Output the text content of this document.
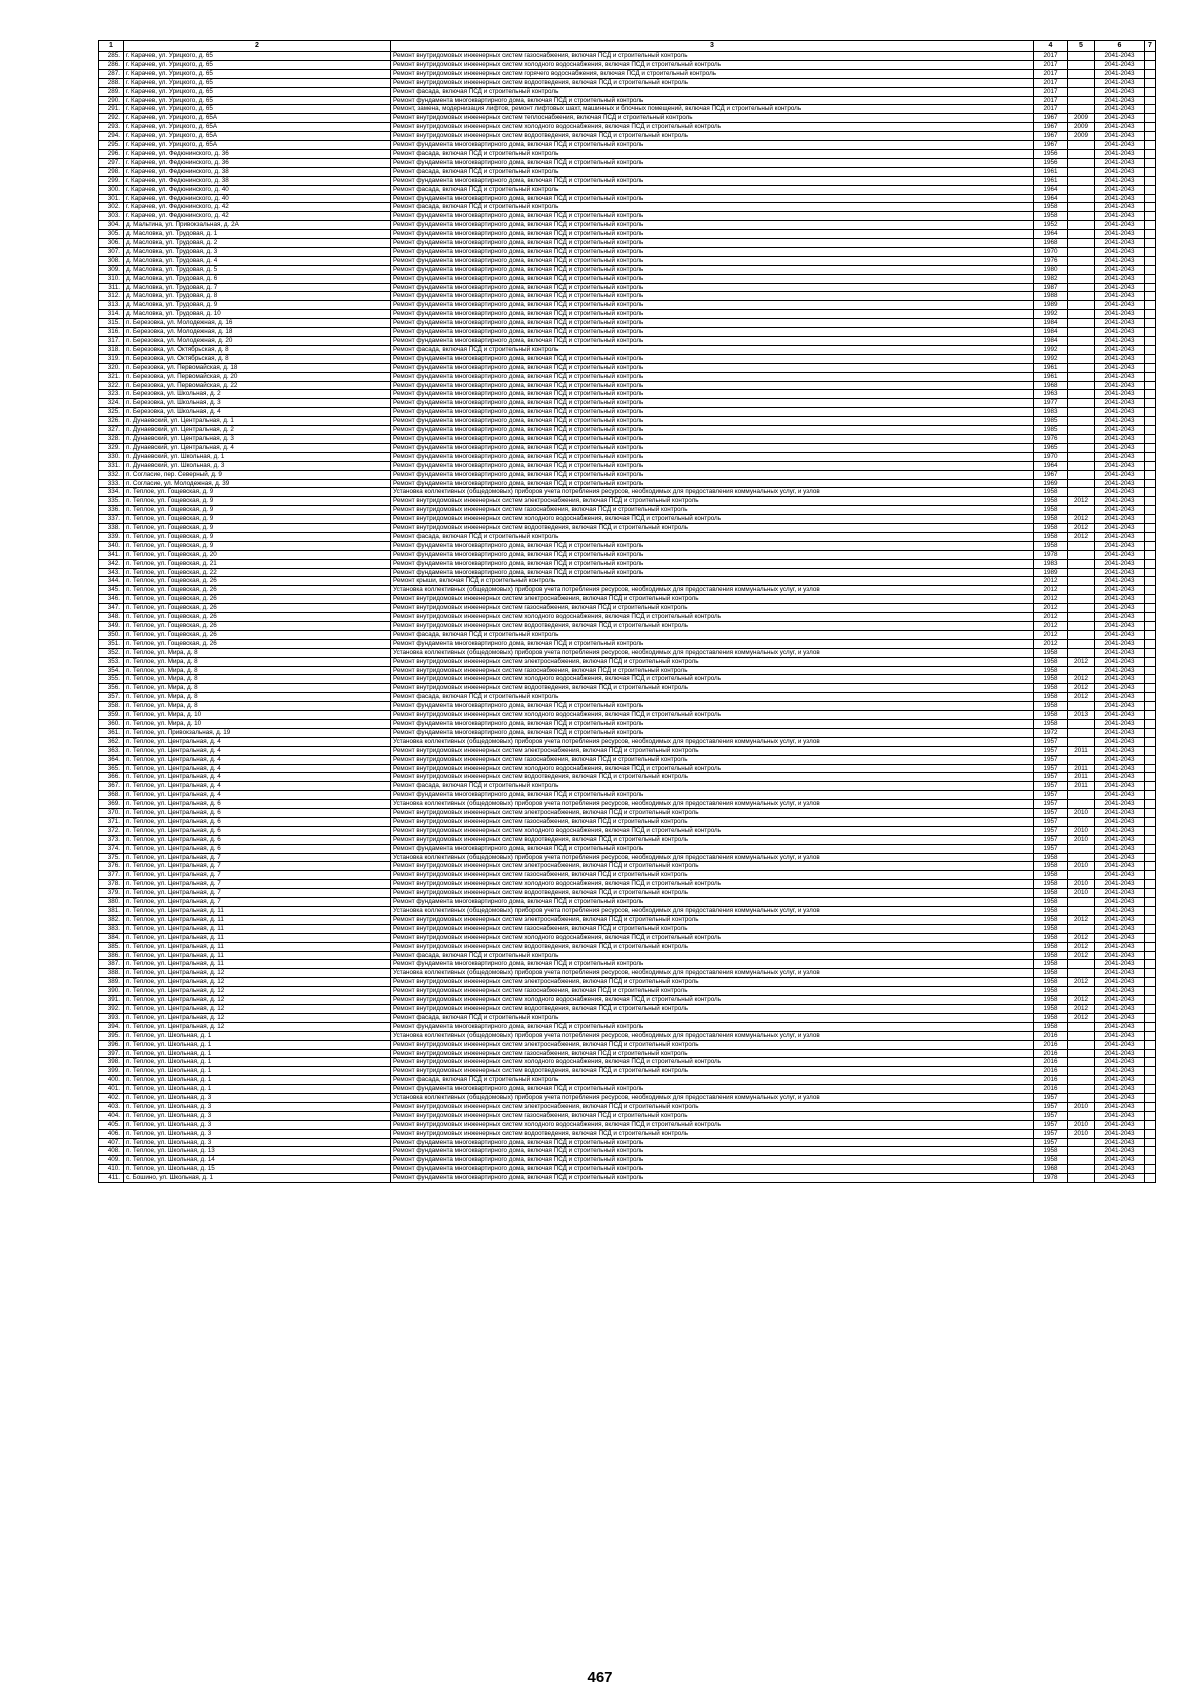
1	2	3	4	5	6	7
285.	г. Карачев, ул. Урицкого, д. 65	Ремонт внутридомовых инженерных систем газоснабжения, включая ПСД и строительный контроль	2017		2041-2043	
286.	г. Карачев, ул. Урицкого, д. 65	Ремонт внутридомовых инженерных систем холодного водоснабжения, включая ПСД и строительный контроль	2017		2041-2043	
287.	г. Карачев, ул. Урицкого, д. 65	Ремонт внутридомовых инженерных систем горячего водоснабжения, включая ПСД и строительный контроль	2017		2041-2043	
288.	г. Карачев, ул. Урицкого, д. 65	Ремонт внутридомовых инженерных систем водоотведения, включая ПСД и строительный контроль	2017		2041-2043	
289.	г. Карачев, ул. Урицкого, д. 65	Ремонт фасада, включая ПСД и строительный контроль	2017		2041-2043	
290.	г. Карачев, ул. Урицкого, д. 65	Ремонт фундамента многоквартирного дома, включая ПСД и строительный контроль	2017		2041-2043	
291.	г. Карачев, ул. Урицкого, д. 65	Ремонт, замена, модернизация лифтов, ремонт лифтовых шахт, машинных и блочных помещений, включая ПСД и строительный контроль	2017		2041-2043	
292.	г. Карачев, ул. Урицкого, д. 65А	Ремонт внутридомовых инженерных систем теплоснабжения, включая ПСД и строительный контроль	1967	2009	2041-2043	
293.	г. Карачев, ул. Урицкого, д. 65А	Ремонт внутридомовых инженерных систем холодного водоснабжения, включая ПСД и строительный контроль	1967	2009	2041-2043	
294.	г. Карачев, ул. Урицкого, д. 65А	Ремонт внутридомовых инженерных систем водоотведения, включая ПСД и строительный контроль	1967	2009	2041-2043	
295.	г. Карачев, ул. Урицкого, д. 65А	Ремонт фундамента многоквартирного дома, включая ПСД и строительный контроль	1967		2041-2043	
296.	г. Карачев, ул. Федюнинского, д. 36	Ремонт фасада, включая ПСД и строительный контроль	1956		2041-2043	
297.	г. Карачев, ул. Федюнинского, д. 36	Ремонт фундамента многоквартирного дома, включая ПСД и строительный контроль	1956		2041-2043	
298.	г. Карачев, ул. Федюнинского, д. 38	Ремонт фасада, включая ПСД и строительный контроль	1961		2041-2043	
299.	г. Карачев, ул. Федюнинского, д. 38	Ремонт фундамента многоквартирного дома, включая ПСД и строительный контроль	1961		2041-2043	
300.	г. Карачев, ул. Федюнинского, д. 40	Ремонт фасада, включая ПСД и строительный контроль	1964		2041-2043	
301.	г. Карачев, ул. Федюнинского, д. 40	Ремонт фундамента многоквартирного дома, включая ПСД и строительный контроль	1964		2041-2043	
302.	г. Карачев, ул. Федюнинского, д. 42	Ремонт фасада, включая ПСД и строительный контроль	1958		2041-2043	
303.	г. Карачев, ул. Федюнинского, д. 42	Ремонт фундамента многоквартирного дома, включая ПСД и строительный контроль	1958		2041-2043	
304.	д. Мальтина, ул. Привокзальная, д. 2А	Ремонт фундамента многоквартирного дома, включая ПСД и строительный контроль	1952		2041-2043	
305.	д. Масловка, ул. Трудовая, д. 1	Ремонт фундамента многоквартирного дома, включая ПСД и строительный контроль	1964		2041-2043	
306.	д. Масловка, ул. Трудовая, д. 2	Ремонт фундамента многоквартирного дома, включая ПСД и строительный контроль	1968		2041-2043	
307.	д. Масловка, ул. Трудовая, д. 3	Ремонт фундамента многоквартирного дома, включая ПСД и строительный контроль	1970		2041-2043	
308.	д. Масловка, ул. Трудовая, д. 4	Ремонт фундамента многоквартирного дома, включая ПСД и строительный контроль	1976		2041-2043	
309.	д. Масловка, ул. Трудовая, д. 5	Ремонт фундамента многоквартирного дома, включая ПСД и строительный контроль	1980		2041-2043	
310.	д. Масловка, ул. Трудовая, д. 6	Ремонт фундамента многоквартирного дома, включая ПСД и строительный контроль	1982		2041-2043	
311.	д. Масловка, ул. Трудовая, д. 7	Ремонт фундамента многоквартирного дома, включая ПСД и строительный контроль	1987		2041-2043	
312.	д. Масловка, ул. Трудовая, д. 8	Ремонт фундамента многоквартирного дома, включая ПСД и строительный контроль	1988		2041-2043	
313.	д. Масловка, ул. Трудовая, д. 9	Ремонт фундамента многоквартирного дома, включая ПСД и строительный контроль	1989		2041-2043	
314.	д. Масловка, ул. Трудовая, д. 10	Ремонт фундамента многоквартирного дома, включая ПСД и строительный контроль	1992		2041-2043	
315.	п. Березовка, ул. Молодежная, д. 16	Ремонт фундамента многоквартирного дома, включая ПСД и строительный контроль	1984		2041-2043	
316.	п. Березовка, ул. Молодежная, д. 18	Ремонт фундамента многоквартирного дома, включая ПСД и строительный контроль	1984		2041-2043	
317.	п. Березовка, ул. Молодежная, д. 20	Ремонт фундамента многоквартирного дома, включая ПСД и строительный контроль	1984		2041-2043	
318.	п. Березовка, ул. Октябрьская, д. 8	Ремонт фасада, включая ПСД и строительный контроль	1992		2041-2043	
319.	п. Березовка, ул. Октябрьская, д. 8	Ремонт фундамента многоквартирного дома, включая ПСД и строительный контроль	1992		2041-2043	
320.	п. Березовка, ул. Первомайская, д. 18	Ремонт фундамента многоквартирного дома, включая ПСД и строительный контроль	1961		2041-2043	
321.	п. Березовка, ул. Первомайская, д. 20	Ремонт фундамента многоквартирного дома, включая ПСД и строительный контроль	1961		2041-2043	
322.	п. Березовка, ул. Первомайская, д. 22	Ремонт фундамента многоквартирного дома, включая ПСД и строительный контроль	1968		2041-2043	
323.	п. Березовка, ул. Школьная, д. 2	Ремонт фундамента многоквартирного дома, включая ПСД и строительный контроль	1963		2041-2043	
324.	п. Березовка, ул. Школьная, д. 3	Ремонт фундамента многоквартирного дома, включая ПСД и строительный контроль	1977		2041-2043	
325.	п. Березовка, ул. Школьная, д. 4	Ремонт фундамента многоквартирного дома, включая ПСД и строительный контроль	1983		2041-2043	
326.	п. Дунаевский, ул. Центральная, д. 1	Ремонт фундамента многоквартирного дома, включая ПСД и строительный контроль	1985		2041-2043	
327.	п. Дунаевский, ул. Центральная, д. 2	Ремонт фундамента многоквартирного дома, включая ПСД и строительный контроль	1985		2041-2043	
328.	п. Дунаевский, ул. Центральная, д. 3	Ремонт фундамента многоквартирного дома, включая ПСД и строительный контроль	1976		2041-2043	
329.	п. Дунаевский, ул. Центральная, д. 4	Ремонт фундамента многоквартирного дома, включая ПСД и строительный контроль	1965		2041-2043	
330.	п. Дунаевский, ул. Школьная, д. 1	Ремонт фундамента многоквартирного дома, включая ПСД и строительный контроль	1970		2041-2043	
331.	п. Дунаевский, ул. Школьная, д. 3	Ремонт фундамента многоквартирного дома, включая ПСД и строительный контроль	1964		2041-2043	
332.	п. Согласие, пер. Северный, д. 9	Ремонт фундамента многоквартирного дома, включая ПСД и строительный контроль	1967		2041-2043	
333.	п. Согласие, ул. Молодежная, д. 39	Ремонт фундамента многоквартирного дома, включая ПСД и строительный контроль	1969		2041-2043	
334.	п. Теплое, ул. Гощевская, д. 9	Установка коллективных (общедомовых) приборов учета потребления ресурсов, необходимых для предоставления коммунальных услуг, и узлов	1958		2041-2043	
335.	п. Теплое, ул. Гощевская, д. 9	Ремонт внутридомовых инженерных систем электроснабжения, включая ПСД и строительный контроль	1958	2012	2041-2043	
336.	п. Теплое, ул. Гощевская, д. 9	Ремонт внутридомовых инженерных систем газоснабжения, включая ПСД и строительный контроль	1958		2041-2043	
337.	п. Теплое, ул. Гощевская, д. 9	Ремонт внутридомовых инженерных систем холодного водоснабжения, включая ПСД и строительный контроль	1958	2012	2041-2043	
338.	п. Теплое, ул. Гощевская, д. 9	Ремонт внутридомовых инженерных систем водоотведения, включая ПСД и строительный контроль	1958	2012	2041-2043	
339.	п. Теплое, ул. Гощевская, д. 9	Ремонт фасада, включая ПСД и строительный контроль	1958	2012	2041-2043	
340.	п. Теплое, ул. Гощевская, д. 9	Ремонт фундамента многоквартирного дома, включая ПСД и строительный контроль	1958		2041-2043	
341.	п. Теплое, ул. Гощевская, д. 20	Ремонт фундамента многоквартирного дома, включая ПСД и строительный контроль	1978		2041-2043	
342.	п. Теплое, ул. Гощевская, д. 21	Ремонт фундамента многоквартирного дома, включая ПСД и строительный контроль	1983		2041-2043	
343.	п. Теплое, ул. Гощевская, д. 22	Ремонт фундамента многоквартирного дома, включая ПСД и строительный контроль	1989		2041-2043	
344.	п. Теплое, ул. Гощевская, д. 26	Ремонт крыши, включая ПСД и строительный контроль	2012		2041-2043	
345.	п. Теплое, ул. Гощевская, д. 26	Установка коллективных (общедомовых) приборов учета потребления ресурсов, необходимых для предоставления коммунальных услуг, и узлов	2012		2041-2043	
346.	п. Теплое, ул. Гощевская, д. 26	Ремонт внутридомовых инженерных систем электроснабжения, включая ПСД и строительный контроль	2012		2041-2043	
347.	п. Теплое, ул. Гощевская, д. 26	Ремонт внутридомовых инженерных систем газоснабжения, включая ПСД и строительный контроль	2012		2041-2043	
348.	п. Теплое, ул. Гощевская, д. 26	Ремонт внутридомовых инженерных систем холодного водоснабжения, включая ПСД и строительный контроль	2012		2041-2043	
349.	п. Теплое, ул. Гощевская, д. 26	Ремонт внутридомовых инженерных систем водоотведения, включая ПСД и строительный контроль	2012		2041-2043	
350.	п. Теплое, ул. Гощевская, д. 26	Ремонт фасада, включая ПСД и строительный контроль	2012		2041-2043	
351.	п. Теплое, ул. Гощевская, д. 26	Ремонт фундамента многоквартирного дома, включая ПСД и строительный контроль	2012		2041-2043	
352.	п. Теплое, ул. Мира, д. 8	Установка коллективных (общедомовых) приборов учета потребления ресурсов, необходимых для предоставления коммунальных услуг, и узлов	1958		2041-2043	
353.	п. Теплое, ул. Мира, д. 8	Ремонт внутридомовых инженерных систем электроснабжения, включая ПСД и строительный контроль	1958	2012	2041-2043	
354.	п. Теплое, ул. Мира, д. 8	Ремонт внутридомовых инженерных систем газоснабжения, включая ПСД и строительный контроль	1958		2041-2043	
355.	п. Теплое, ул. Мира, д. 8	Ремонт внутридомовых инженерных систем холодного водоснабжения, включая ПСД и строительный контроль	1958	2012	2041-2043	
356.	п. Теплое, ул. Мира, д. 8	Ремонт внутридомовых инженерных систем водоотведения, включая ПСД и строительный контроль	1958	2012	2041-2043	
357.	п. Теплое, ул. Мира, д. 8	Ремонт фасада, включая ПСД и строительный контроль	1958	2012	2041-2043	
358.	п. Теплое, ул. Мира, д. 8	Ремонт фундамента многоквартирного дома, включая ПСД и строительный контроль	1958		2041-2043	
359.	п. Теплое, ул. Мира, д. 10	Ремонт внутридомовых инженерных систем холодного водоснабжения, включая ПСД и строительный контроль	1958	2013	2041-2043	
360.	п. Теплое, ул. Мира, д. 10	Ремонт фундамента многоквартирного дома, включая ПСД и строительный контроль	1958		2041-2043	
361.	п. Теплое, ул. Привокзальная, д. 19	Ремонт фундамента многоквартирного дома, включая ПСД и строительный контроль	1972		2041-2043	
362.	п. Теплое, ул. Центральная, д. 4	Установка коллективных (общедомовых) приборов учета потребления ресурсов, необходимых для предоставления коммунальных услуг, и узлов	1957		2041-2043	
363.	п. Теплое, ул. Центральная, д. 4	Ремонт внутридомовых инженерных систем электроснабжения, включая ПСД и строительный контроль	1957	2011	2041-2043	
364.	п. Теплое, ул. Центральная, д. 4	Ремонт внутридомовых инженерных систем газоснабжения, включая ПСД и строительный контроль	1957		2041-2043	
365.	п. Теплое, ул. Центральная, д. 4	Ремонт внутридомовых инженерных систем холодного водоснабжения, включая ПСД и строительный контроль	1957	2011	2041-2043	
366.	п. Теплое, ул. Центральная, д. 4	Ремонт внутридомовых инженерных систем водоотведения, включая ПСД и строительный контроль	1957	2011	2041-2043	
367.	п. Теплое, ул. Центральная, д. 4	Ремонт фасада, включая ПСД и строительный контроль	1957	2011	2041-2043	
368.	п. Теплое, ул. Центральная, д. 4	Ремонт фундамента многоквартирного дома, включая ПСД и строительный контроль	1957		2041-2043	
369.	п. Теплое, ул. Центральная, д. 6	Установка коллективных (общедомовых) приборов учета потребления ресурсов, необходимых для предоставления коммунальных услуг, и узлов	1957		2041-2043	
370.	п. Теплое, ул. Центральная, д. 6	Ремонт внутридомовых инженерных систем электроснабжения, включая ПСД и строительный контроль	1957	2010	2041-2043	
371.	п. Теплое, ул. Центральная, д. 6	Ремонт внутридомовых инженерных систем газоснабжения, включая ПСД и строительный контроль	1957		2041-2043	
372.	п. Теплое, ул. Центральная, д. 6	Ремонт внутридомовых инженерных систем холодного водоснабжения, включая ПСД и строительный контроль	1957	2010	2041-2043	
373.	п. Теплое, ул. Центральная, д. 6	Ремонт внутридомовых инженерных систем водоотведения, включая ПСД и строительный контроль	1957	2010	2041-2043	
374.	п. Теплое, ул. Центральная, д. 6	Ремонт фундамента многоквартирного дома, включая ПСД и строительный контроль	1957		2041-2043	
375.	п. Теплое, ул. Центральная, д. 7	Установка коллективных (общедомовых) приборов учета потребления ресурсов, необходимых для предоставления коммунальных услуг, и узлов	1958		2041-2043	
376.	п. Теплое, ул. Центральная, д. 7	Ремонт внутридомовых инженерных систем электроснабжения, включая ПСД и строительный контроль	1958	2010	2041-2043	
377.	п. Теплое, ул. Центральная, д. 7	Ремонт внутридомовых инженерных систем газоснабжения, включая ПСД и строительный контроль	1958		2041-2043	
378.	п. Теплое, ул. Центральная, д. 7	Ремонт внутридомовых инженерных систем холодного водоснабжения, включая ПСД и строительный контроль	1958	2010	2041-2043	
379.	п. Теплое, ул. Центральная, д. 7	Ремонт внутридомовых инженерных систем водоотведения, включая ПСД и строительный контроль	1958	2010	2041-2043	
380.	п. Теплое, ул. Центральная, д. 7	Ремонт фундамента многоквартирного дома, включая ПСД и строительный контроль	1958		2041-2043	
381.	п. Теплое, ул. Центральная, д. 11	Установка коллективных (общедомовых) приборов учета потребления ресурсов, необходимых для предоставления коммунальных услуг, и узлов	1958		2041-2043	
382.	п. Теплое, ул. Центральная, д. 11	Ремонт внутридомовых инженерных систем электроснабжения, включая ПСД и строительный контроль	1958	2012	2041-2043	
383.	п. Теплое, ул. Центральная, д. 11	Ремонт внутридомовых инженерных систем газоснабжения, включая ПСД и строительный контроль	1958		2041-2043	
384.	п. Теплое, ул. Центральная, д. 11	Ремонт внутридомовых инженерных систем холодного водоснабжения, включая ПСД и строительный контроль	1958	2012	2041-2043	
385.	п. Теплое, ул. Центральная, д. 11	Ремонт внутридомовых инженерных систем водоотведения, включая ПСД и строительный контроль	1958	2012	2041-2043	
386.	п. Теплое, ул. Центральная, д. 11	Ремонт фасада, включая ПСД и строительный контроль	1958	2012	2041-2043	
387.	п. Теплое, ул. Центральная, д. 11	Ремонт фундамента многоквартирного дома, включая ПСД и строительный контроль	1958		2041-2043	
388.	п. Теплое, ул. Центральная, д. 12	Установка коллективных (общедомовых) приборов учета потребления ресурсов, необходимых для предоставления коммунальных услуг, и узлов	1958		2041-2043	
389.	п. Теплое, ул. Центральная, д. 12	Ремонт внутридомовых инженерных систем электроснабжения, включая ПСД и строительный контроль	1958	2012	2041-2043	
390.	п. Теплое, ул. Центральная, д. 12	Ремонт внутридомовых инженерных систем газоснабжения, включая ПСД и строительный контроль	1958		2041-2043	
391.	п. Теплое, ул. Центральная, д. 12	Ремонт внутридомовых инженерных систем холодного водоснабжения, включая ПСД и строительный контроль	1958	2012	2041-2043	
392.	п. Теплое, ул. Центральная, д. 12	Ремонт внутридомовых инженерных систем водоотведения, включая ПСД и строительный контроль	1958	2012	2041-2043	
393.	п. Теплое, ул. Центральная, д. 12	Ремонт фасада, включая ПСД и строительный контроль	1958	2012	2041-2043	
394.	п. Теплое, ул. Центральная, д. 12	Ремонт фундамента многоквартирного дома, включая ПСД и строительный контроль	1958		2041-2043	
395.	п. Теплое, ул. Школьная, д. 1	Установка коллективных (общедомовых) приборов учета потребления ресурсов, необходимых для предоставления коммунальных услуг, и узлов	2016		2041-2043	
396.	п. Теплое, ул. Школьная, д. 1	Ремонт внутридомовых инженерных систем электроснабжения, включая ПСД и строительный контроль	2016		2041-2043	
397.	п. Теплое, ул. Школьная, д. 1	Ремонт внутридомовых инженерных систем газоснабжения, включая ПСД и строительный контроль	2016		2041-2043	
398.	п. Теплое, ул. Школьная, д. 1	Ремонт внутридомовых инженерных систем холодного водоснабжения, включая ПСД и строительный контроль	2016		2041-2043	
399.	п. Теплое, ул. Школьная, д. 1	Ремонт внутридомовых инженерных систем водоотведения, включая ПСД и строительный контроль	2016		2041-2043	
400.	п. Теплое, ул. Школьная, д. 1	Ремонт фасада, включая ПСД и строительный контроль	2016		2041-2043	
401.	п. Теплое, ул. Школьная, д. 1	Ремонт фундамента многоквартирного дома, включая ПСД и строительный контроль	2016		2041-2043	
402.	п. Теплое, ул. Школьная, д. 3	Установка коллективных (общедомовых) приборов учета потребления ресурсов, необходимых для предоставления коммунальных услуг, и узлов	1957		2041-2043	
403.	п. Теплое, ул. Школьная, д. 3	Ремонт внутридомовых инженерных систем электроснабжения, включая ПСД и строительный контроль	1957	2010	2041-2043	
404.	п. Теплое, ул. Школьная, д. 3	Ремонт внутридомовых инженерных систем газоснабжения, включая ПСД и строительный контроль	1957		2041-2043	
405.	п. Теплое, ул. Школьная, д. 3	Ремонт внутридомовых инженерных систем холодного водоснабжения, включая ПСД и строительный контроль	1957	2010	2041-2043	
406.	п. Теплое, ул. Школьная, д. 3	Ремонт внутридомовых инженерных систем водоотведения, включая ПСД и строительный контроль	1957	2010	2041-2043	
407.	п. Теплое, ул. Школьная, д. 3	Ремонт фундамента многоквартирного дома, включая ПСД и строительный контроль	1957		2041-2043	
408.	п. Теплое, ул. Школьная, д. 13	Ремонт фундамента многоквартирного дома, включая ПСД и строительный контроль	1958		2041-2043	
409.	п. Теплое, ул. Школьная, д. 14	Ремонт фундамента многоквартирного дома, включая ПСД и строительный контроль	1958		2041-2043	
410.	п. Теплое, ул. Школьная, д. 15	Ремонт фундамента многоквартирного дома, включая ПСД и строительный контроль	1968		2041-2043	
411.	с. Бошино, ул. Школьная, д. 1	Ремонт фундамента многоквартирного дома, включая ПСД и строительный контроль	1978		2041-2043	
467
